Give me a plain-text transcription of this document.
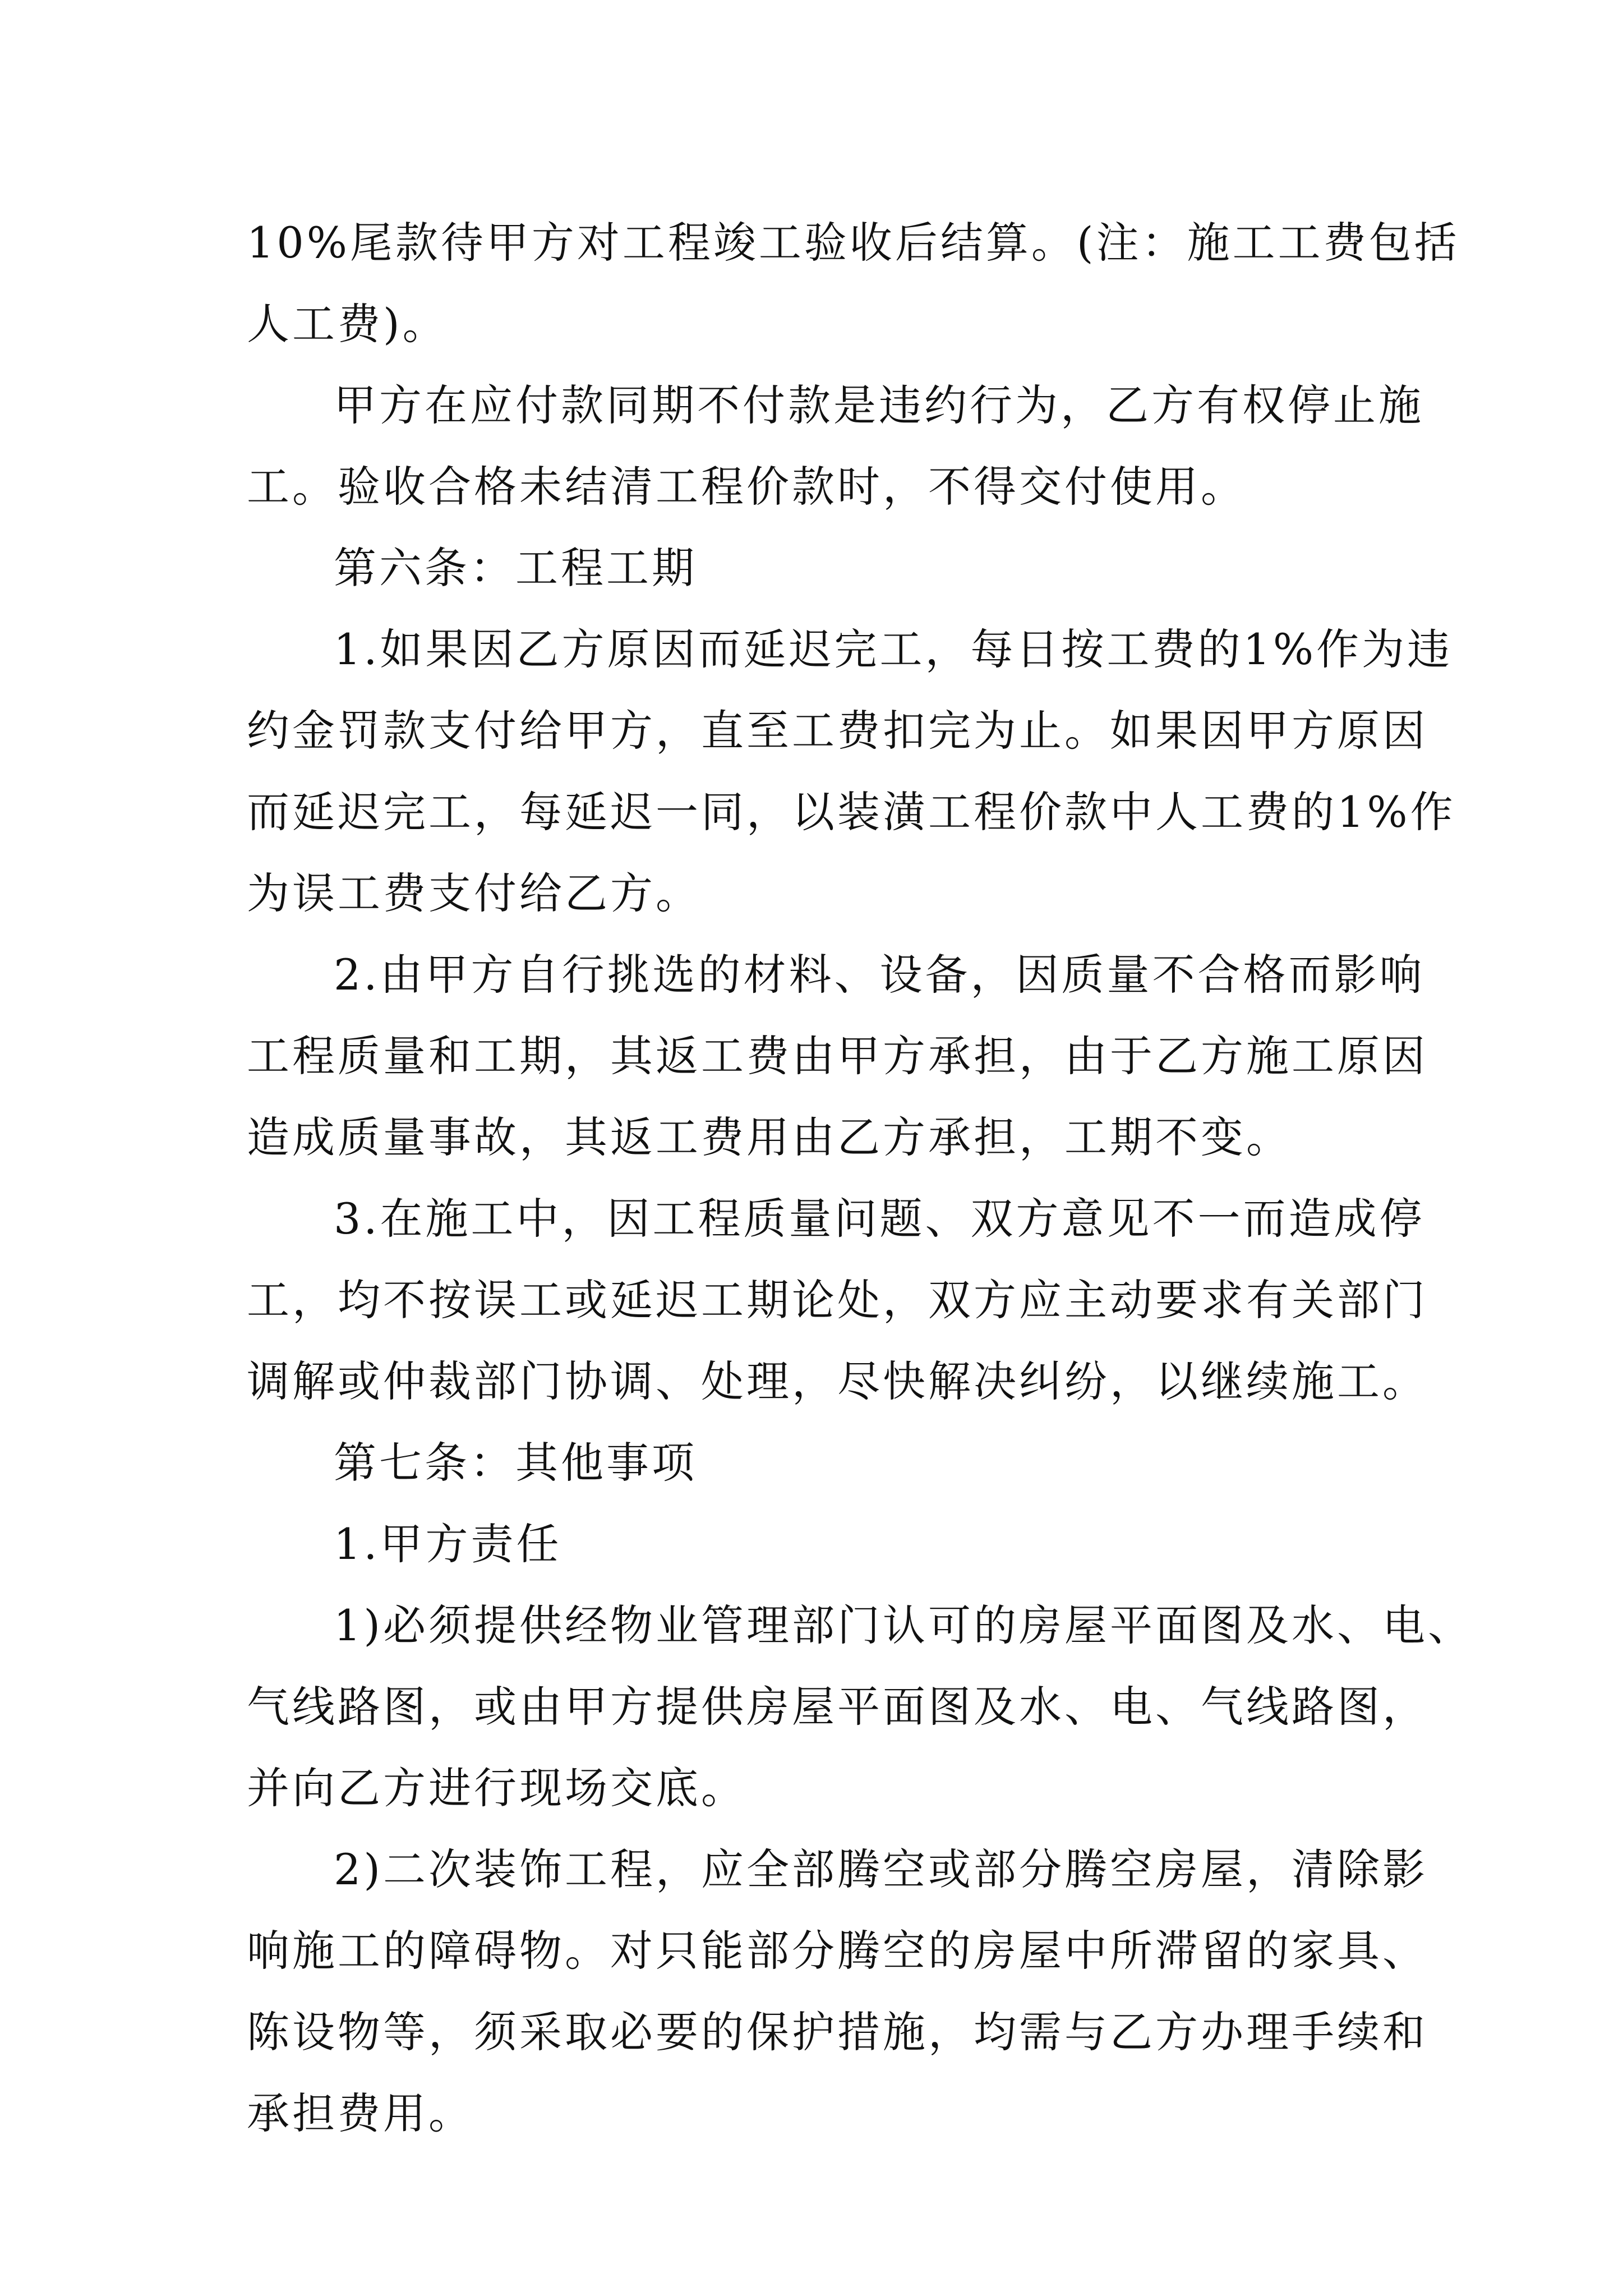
10%尾款待甲方对工程竣工验收后结算。(注：施工工费包括
人工费)。
甲方在应付款同期不付款是违约行为，乙方有权停止施
工。验收合格未结清工程价款时，不得交付使用。
第六条：工程工期
1.如果因乙方原因而延迟完工，每日按工费的1%作为违
约金罚款支付给甲方，直至工费扣完为止。如果因甲方原因
而延迟完工，每延迟一同，以装潢工程价款中人工费的1%作
为误工费支付给乙方。
2.由甲方自行挑选的材料、设备，因质量不合格而影响
工程质量和工期，其返工费由甲方承担，由于乙方施工原因
造成质量事故，其返工费用由乙方承担，工期不变。
3.在施工中，因工程质量问题、双方意见不一而造成停
工，均不按误工或延迟工期论处，双方应主动要求有关部门
调解或仲裁部门协调、处理，尽快解决纠纷，以继续施工。
第七条：其他事项
1.甲方责任
1)必须提供经物业管理部门认可的房屋平面图及水、电、
气线路图，或由甲方提供房屋平面图及水、电、气线路图，
并向乙方进行现场交底。
2)二次装饰工程，应全部腾空或部分腾空房屋，清除影
响施工的障碍物。对只能部分腾空的房屋中所滞留的家具、
陈设物等，须采取必要的保护措施，均需与乙方办理手续和
承担费用。
